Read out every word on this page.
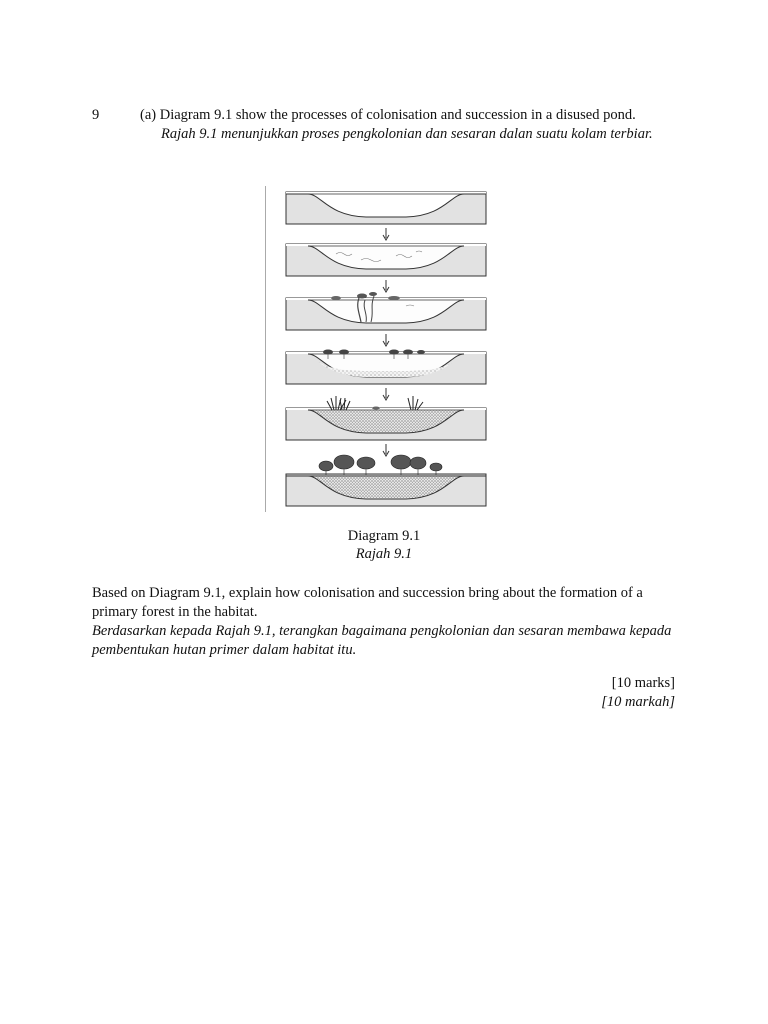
9	(a) Diagram 9.1 show the processes of colonisation and succession in a disused pond.
Rajah 9.1 menunjukkan proses pengkolonian dan sesaran dalan suatu kolam terbiar.
Diagram 9.1
Rajah 9.1
Based on Diagram 9.1, explain how colonisation and succession bring about the formation of a primary forest in the habitat.
Berdasarkan kepada Rajah 9.1, terangkan bagaimana pengkolonian dan sesaran membawa kepada pembentukan hutan primer dalam habitat itu.
[10 marks]
[10 markah]
